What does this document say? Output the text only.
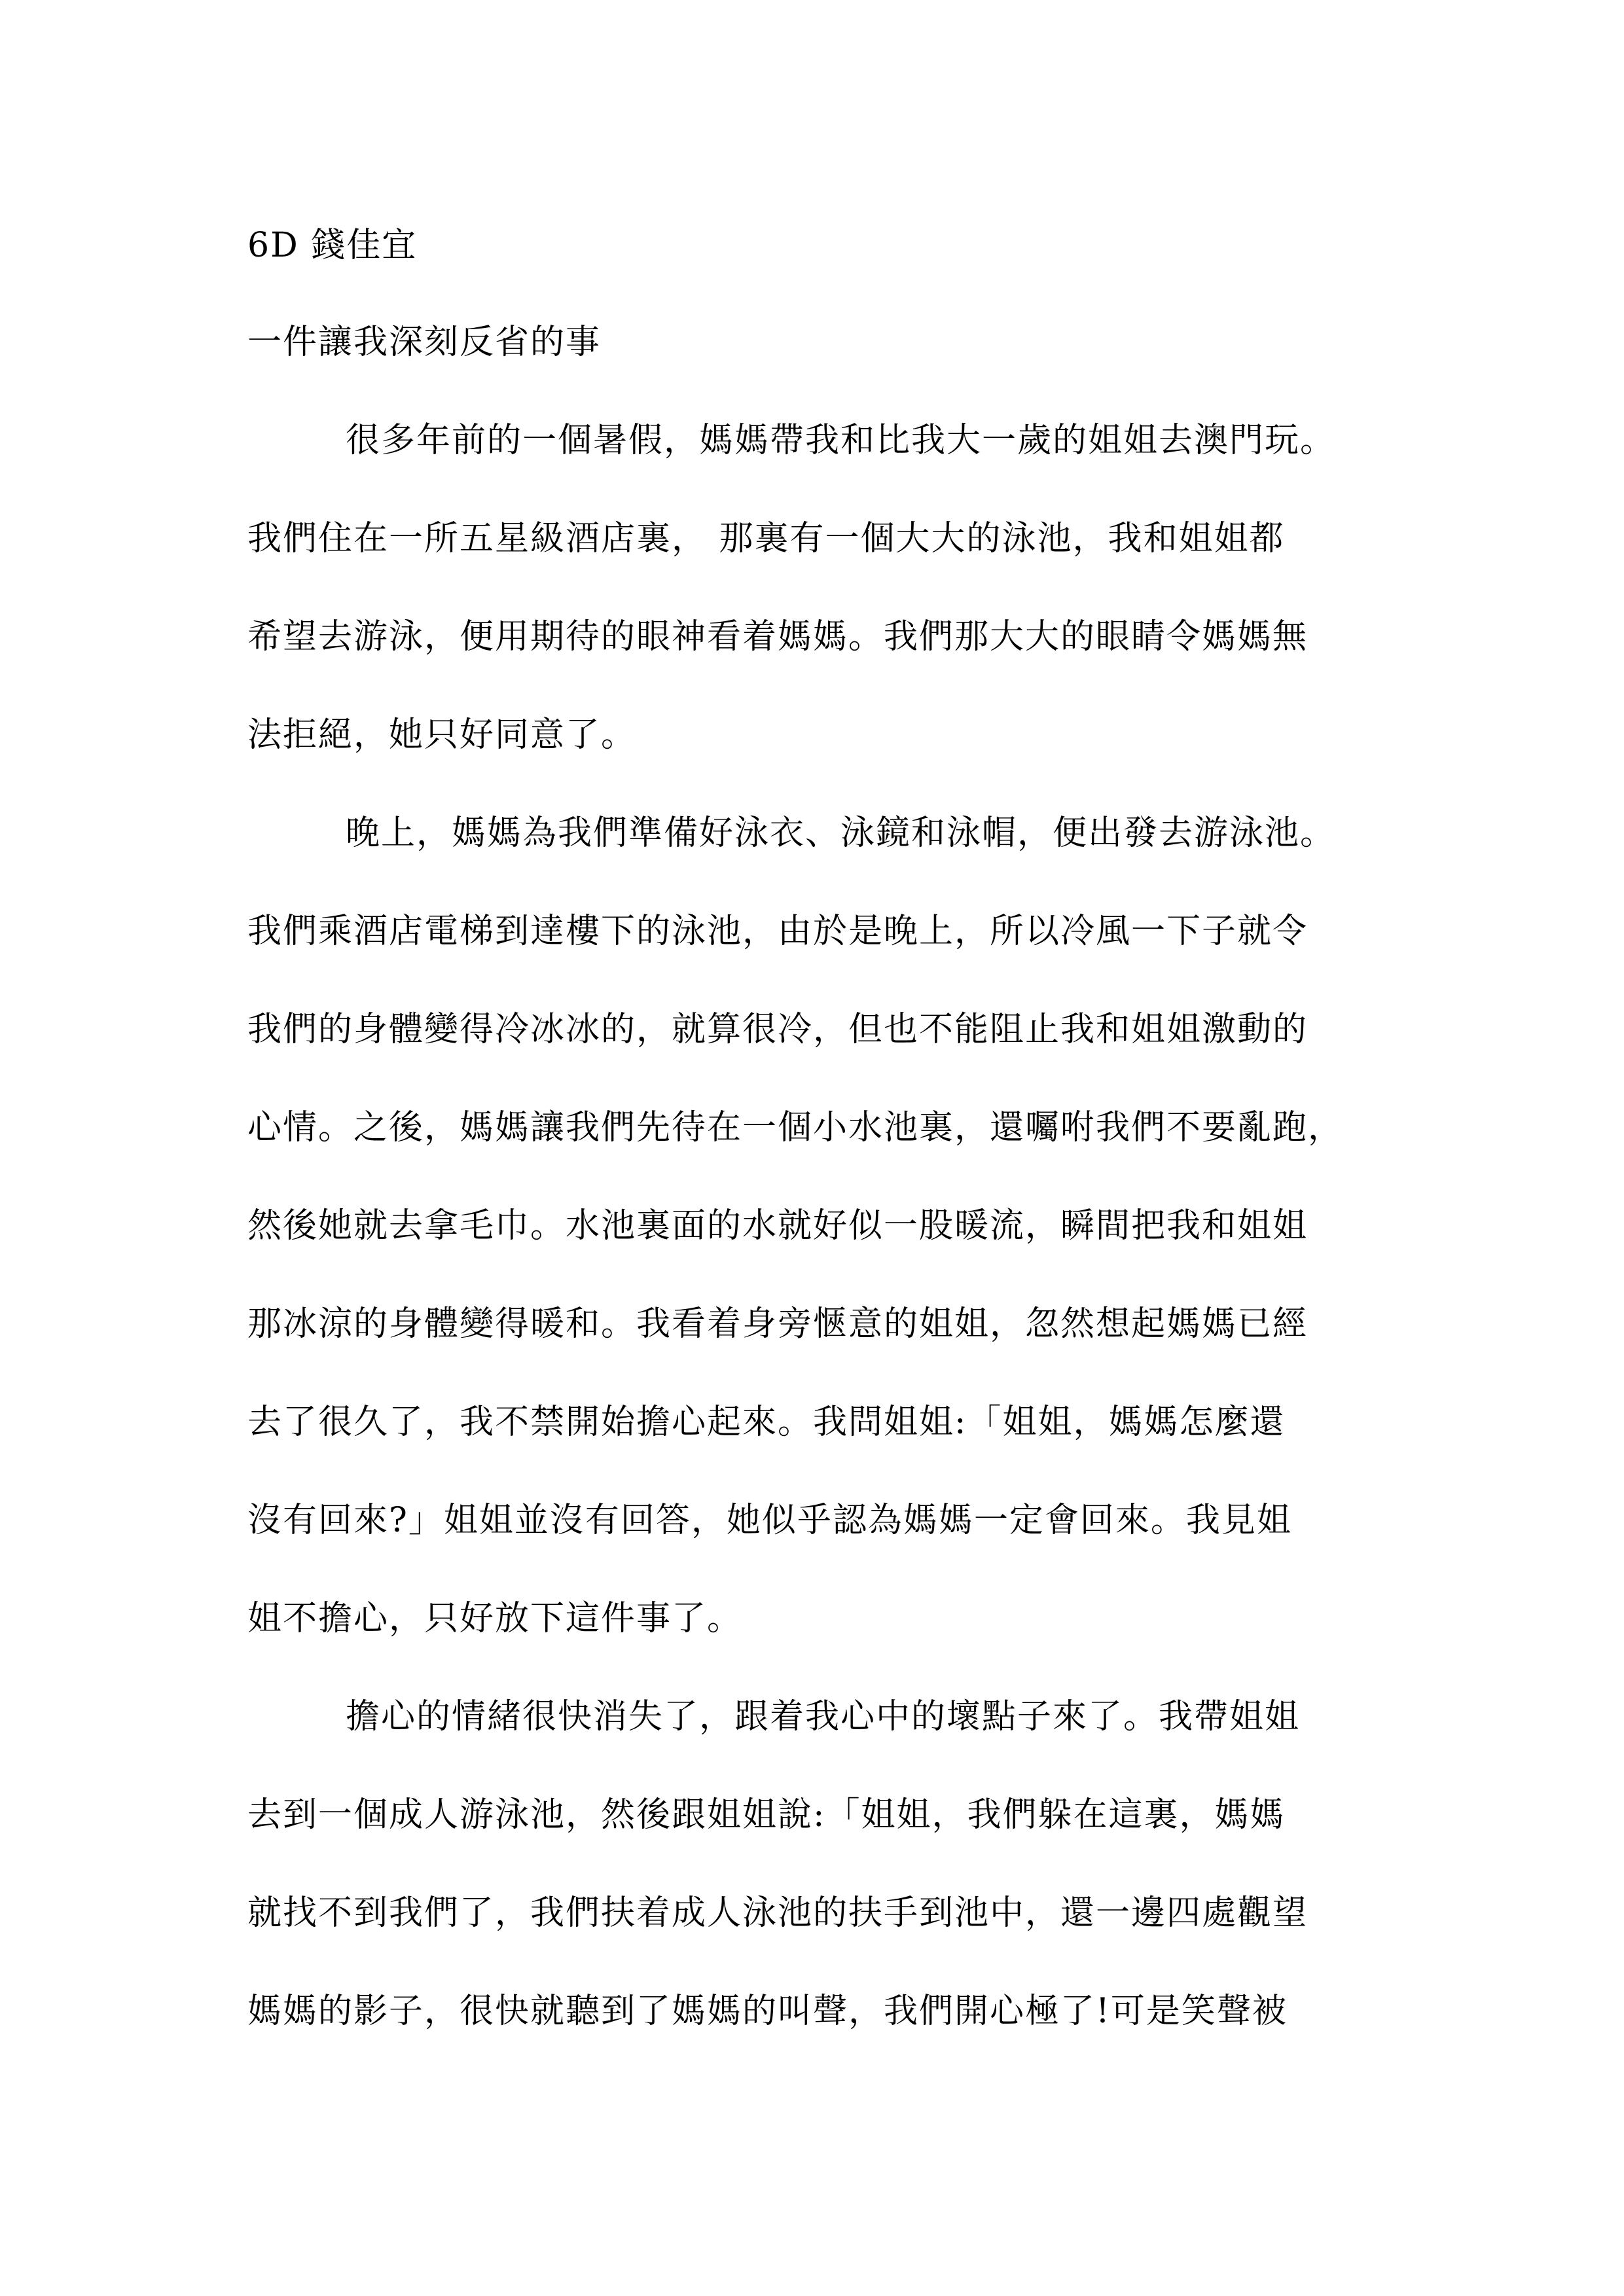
6D 錢佳宜
一件讓我深刻反省的事
很多年前的一個暑假，媽媽帶我和比我大一歲的姐姐去澳門玩。
我們住在一所五星級酒店裏， 那裏有一個大大的泳池，我和姐姐都
希望去游泳，便用期待的眼神看着媽媽。我們那大大的眼睛令媽媽無
法拒絕，她只好同意了。
晚上，媽媽為我們準備好泳衣、泳鏡和泳帽，便出發去游泳池。
我們乘酒店電梯到達樓下的泳池，由於是晚上，所以冷風一下子就令
我們的身體變得冷冰冰的，就算很冷，但也不能阻止我和姐姐激動的
心情。之後，媽媽讓我們先待在一個小水池裏，還囑咐我們不要亂跑，
然後她就去拿毛巾。水池裏面的水就好似一股暖流，瞬間把我和姐姐
那冰涼的身體變得暖和。我看着身旁愜意的姐姐，忽然想起媽媽已經
去了很久了，我不禁開始擔心起來。我問姐姐:「姐姐，媽媽怎麼還
沒有回來?」姐姐並沒有回答，她似乎認為媽媽一定會回來。我見姐
姐不擔心，只好放下這件事了。
擔心的情緒很快消失了，跟着我心中的壞點子來了。我帶姐姐
去到一個成人游泳池，然後跟姐姐說:「姐姐，我們躲在這裏，媽媽
就找不到我們了，我們扶着成人泳池的扶手到池中，還一邊四處觀望
媽媽的影子，很快就聽到了媽媽的叫聲，我們開心極了!可是笑聲被
